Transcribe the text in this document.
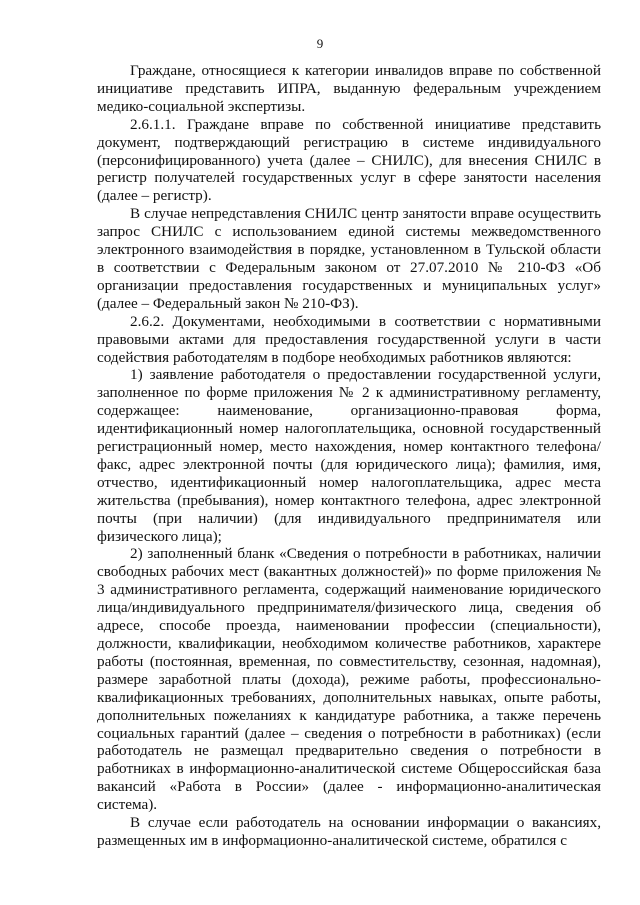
9

Граждане, относящиеся к категории инвалидов вправе по собственной инициативе представить ИПРА, выданную федеральным учреждением медико-социальной экспертизы.

2.6.1.1. Граждане вправе по собственной инициативе представить документ, подтверждающий регистрацию в системе индивидуального (персонифицированного) учета (далее – СНИЛС), для внесения СНИЛС в регистр получателей государственных услуг в сфере занятости населения (далее – регистр).

В случае непредставления СНИЛС центр занятости вправе осуществить запрос СНИЛС с использованием единой системы межведомственного электронного взаимодействия в порядке, установленном в Тульской области в соответствии с Федеральным законом от 27.07.2010 № 210-ФЗ «Об организации предоставления государственных и муниципальных услуг» (далее – Федеральный закон № 210-ФЗ).

2.6.2. Документами, необходимыми в соответствии с нормативными правовыми актами для предоставления государственной услуги в части содействия работодателям в подборе необходимых работников являются:

1) заявление работодателя о предоставлении государственной услуги, заполненное по форме приложения № 2 к административному регламенту, содержащее: наименование, организационно-правовая форма, идентификационный номер налогоплательщика, основной государственный регистрационный номер, место нахождения, номер контактного телефона/факс, адрес электронной почты (для юридического лица); фамилия, имя, отчество, идентификационный номер налогоплательщика, адрес места жительства (пребывания), номер контактного телефона, адрес электронной почты (при наличии) (для индивидуального предпринимателя или физического лица);

2) заполненный бланк «Сведения о потребности в работниках, наличии свободных рабочих мест (вакантных должностей)» по форме приложения № 3 административного регламента, содержащий наименование юридического лица/индивидуального предпринимателя/физического лица, сведения об адресе, способе проезда, наименовании профессии (специальности), должности, квалификации, необходимом количестве работников, характере работы (постоянная, временная, по совместительству, сезонная, надомная), размере заработной платы (дохода), режиме работы, профессионально-квалификационных требованиях, дополнительных навыках, опыте работы, дополнительных пожеланиях к кандидатуре работника, а также перечень социальных гарантий (далее – сведения о потребности в работниках) (если работодатель не размещал предварительно сведения о потребности в работниках в информационно-аналитической системе Общероссийская база вакансий «Работа в России» (далее - информационно-аналитическая система).

В случае если работодатель на основании информации о вакансиях, размещенных им в информационно-аналитической системе, обратился с
